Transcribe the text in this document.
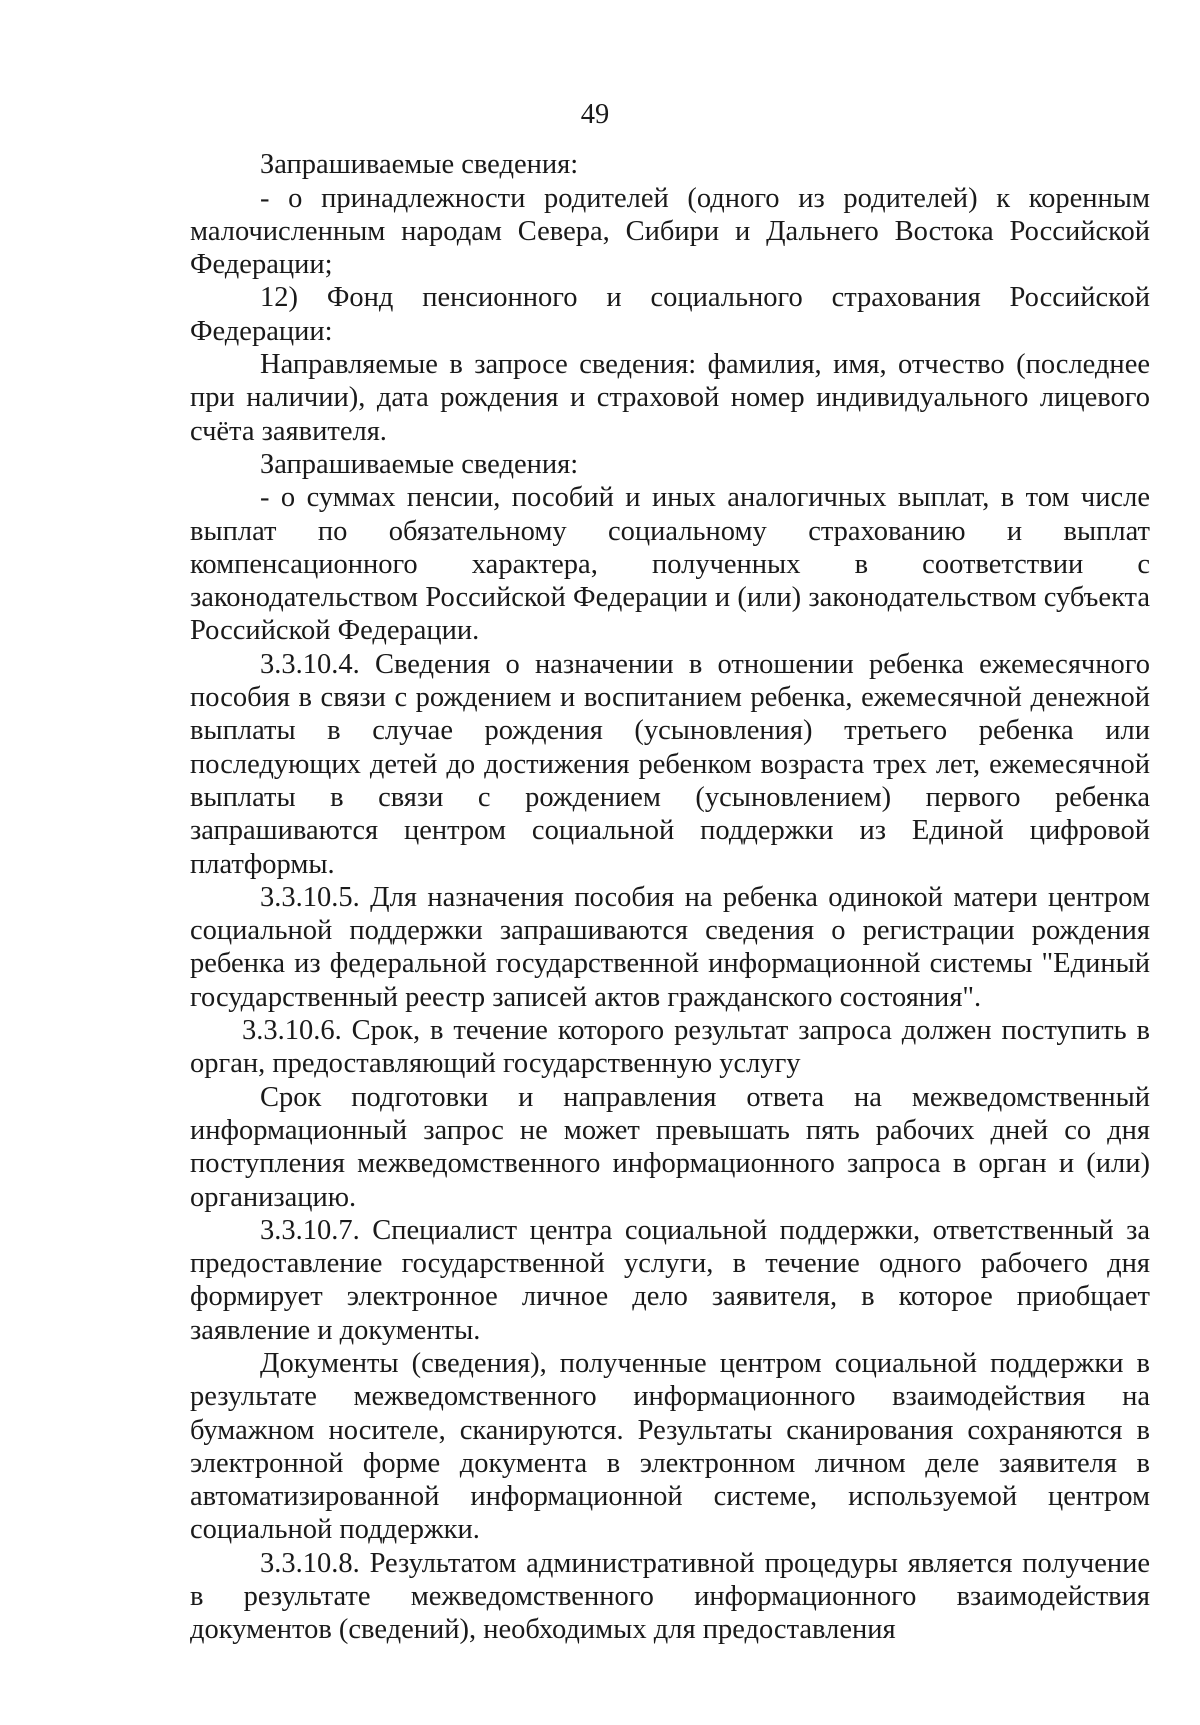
49

Запрашиваемые сведения:

- о принадлежности родителей (одного из родителей) к коренным малочисленным народам Севера, Сибири и Дальнего Востока Российской Федерации;

12) Фонд пенсионного и социального страхования Российской Федерации:

Направляемые в запросе сведения: фамилия, имя, отчество (последнее при наличии), дата рождения и страховой номер индивидуального лицевого счёта заявителя.

Запрашиваемые сведения:

- о суммах пенсии, пособий и иных аналогичных выплат, в том числе выплат по обязательному социальному страхованию и выплат компенсационного характера, полученных в соответствии с законодательством Российской Федерации и (или) законодательством субъекта Российской Федерации.

3.3.10.4. Сведения о назначении в отношении ребенка ежемесячного пособия в связи с рождением и воспитанием ребенка, ежемесячной денежной выплаты в случае рождения (усыновления) третьего ребенка или последующих детей до достижения ребенком возраста трех лет, ежемесячной выплаты в связи с рождением (усыновлением) первого ребенка запрашиваются центром социальной поддержки из Единой цифровой платформы.

3.3.10.5. Для назначения пособия на ребенка одинокой матери центром социальной поддержки запрашиваются сведения о регистрации рождения ребенка из федеральной государственной информационной системы "Единый государственный реестр записей актов гражданского состояния".

3.3.10.6. Срок, в течение которого результат запроса должен поступить в орган, предоставляющий государственную услугу

Срок подготовки и направления ответа на межведомственный информационный запрос не может превышать пять рабочих дней со дня поступления межведомственного информационного запроса в орган и (или) организацию.

3.3.10.7. Специалист центра социальной поддержки, ответственный за предоставление государственной услуги, в течение одного рабочего дня формирует электронное личное дело заявителя, в которое приобщает заявление и документы.

Документы (сведения), полученные центром социальной поддержки в результате межведомственного информационного взаимодействия на бумажном носителе, сканируются. Результаты сканирования сохраняются в электронной форме документа в электронном личном деле заявителя в автоматизированной информационной системе, используемой центром социальной поддержки.

3.3.10.8. Результатом административной процедуры является получение в результате межведомственного информационного взаимодействия документов (сведений), необходимых для предоставления
